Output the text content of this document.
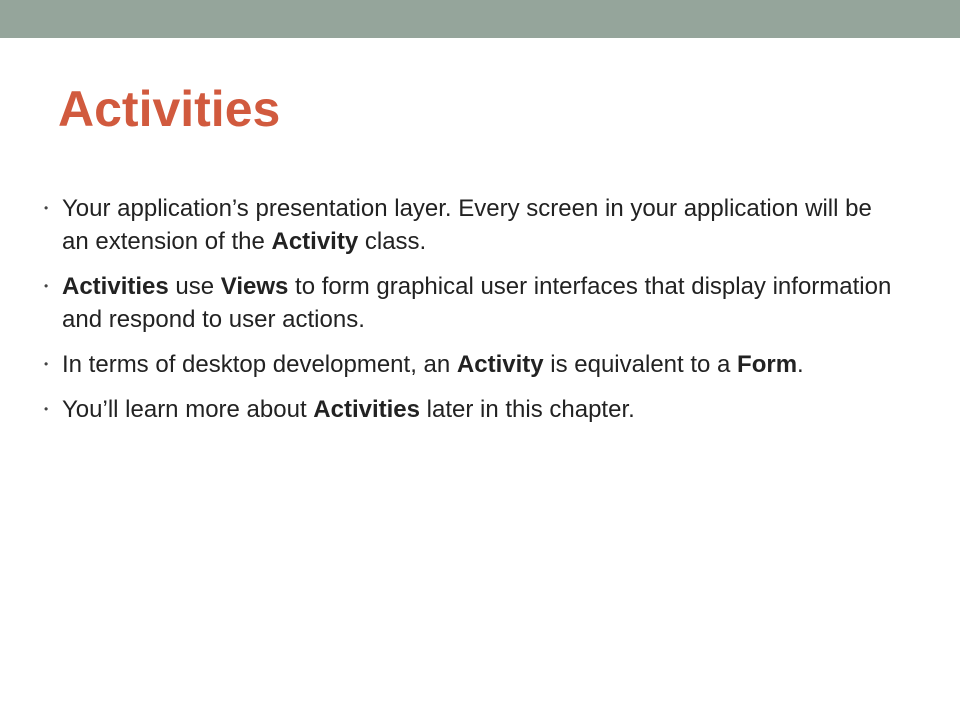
Activities
• Your application’s presentation layer. Every screen in your application will be an extension of the Activity class.
• Activities use Views to form graphical user interfaces that display information and respond to user actions.
• In terms of desktop development, an Activity is equivalent to a Form.
• You’ll learn more about Activities later in this chapter.
